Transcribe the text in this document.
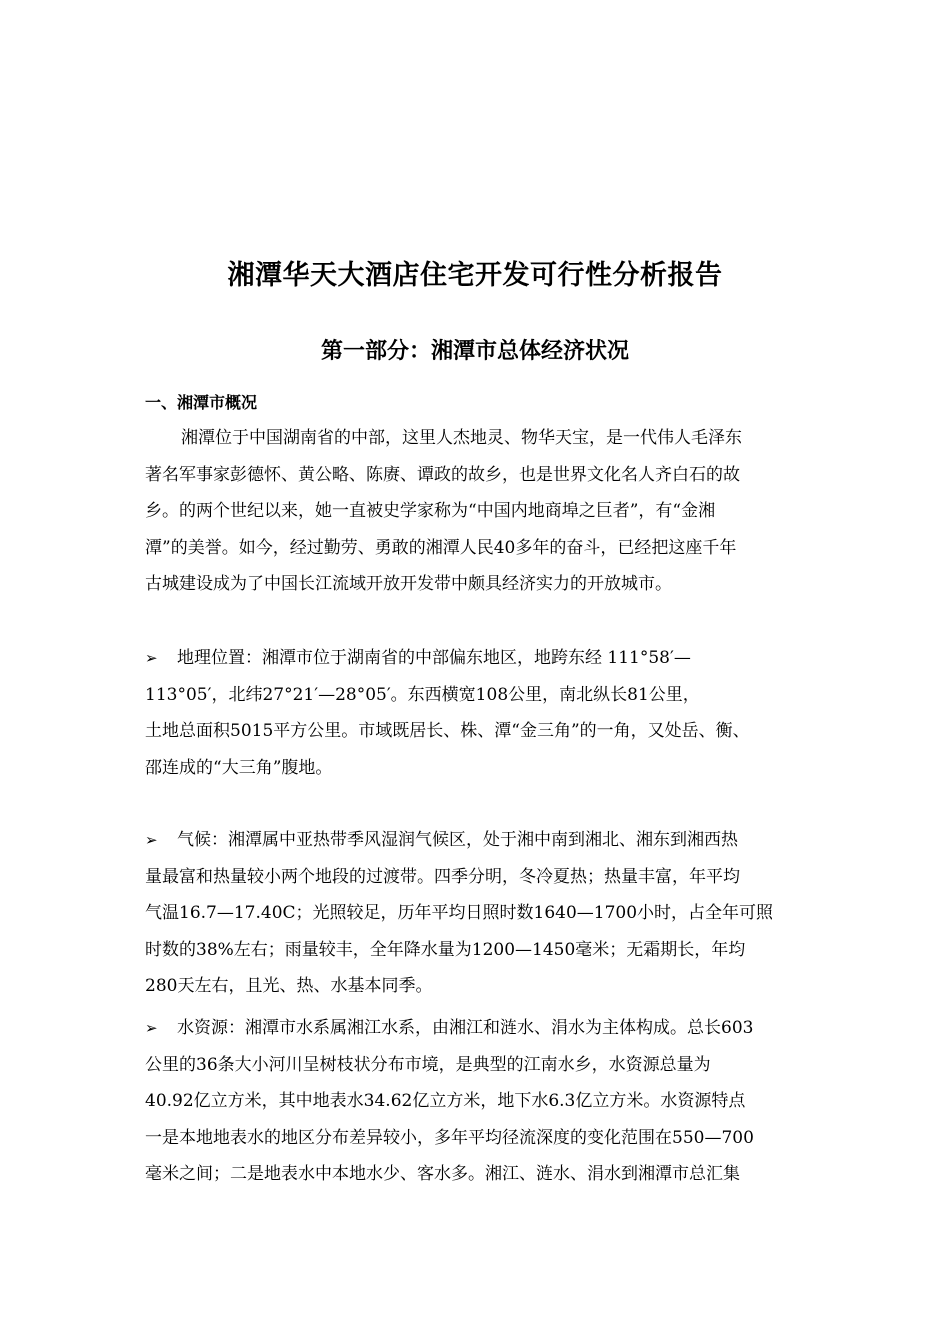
湘潭华天大酒店住宅开发可行性分析报告
第一部分：湘潭市总体经济状况
一、湘潭市概况
湘潭位于中国湖南省的中部，这里人杰地灵、物华天宝，是一代伟人毛泽东
著名军事家彭德怀、黄公略、陈赓、谭政的故乡，也是世界文化名人齐白石的故
乡。的两个世纪以来，她一直被史学家称为“中国内地商埠之巨者”，有“金湘
潭”的美誉。如今，经过勤劳、勇敢的湘潭人民40多年的奋斗，已经把这座千年
古城建设成为了中国长江流域开放开发带中颇具经济实力的开放城市。
➢ 地理位置：湘潭市位于湖南省的中部偏东地区，地跨东经 111°58′—
113°05′，北纬27°21′—28°05′。东西横宽108公里，南北纵长81公里，
土地总面积5015平方公里。市域既居长、株、潭“金三角”的一角，又处岳、衡、
邵连成的“大三角”腹地。
➢ 气候：湘潭属中亚热带季风湿润气候区，处于湘中南到湘北、湘东到湘西热
量最富和热量较小两个地段的过渡带。四季分明，冬冷夏热；热量丰富，年平均
气温16.7—17.40C；光照较足，历年平均日照时数1640—1700小时，占全年可照
时数的38%左右；雨量较丰，全年降水量为1200—1450毫米；无霜期长，年均
280天左右，且光、热、水基本同季。
➢ 水资源：湘潭市水系属湘江水系，由湘江和涟水、涓水为主体构成。总长603
公里的36条大小河川呈树枝状分布市境，是典型的江南水乡，水资源总量为
40.92亿立方米，其中地表水34.62亿立方米，地下水6.3亿立方米。水资源特点
一是本地地表水的地区分布差异较小，多年平均径流深度的变化范围在550—700
毫米之间；二是地表水中本地水少、客水多。湘江、涟水、涓水到湘潭市总汇集
